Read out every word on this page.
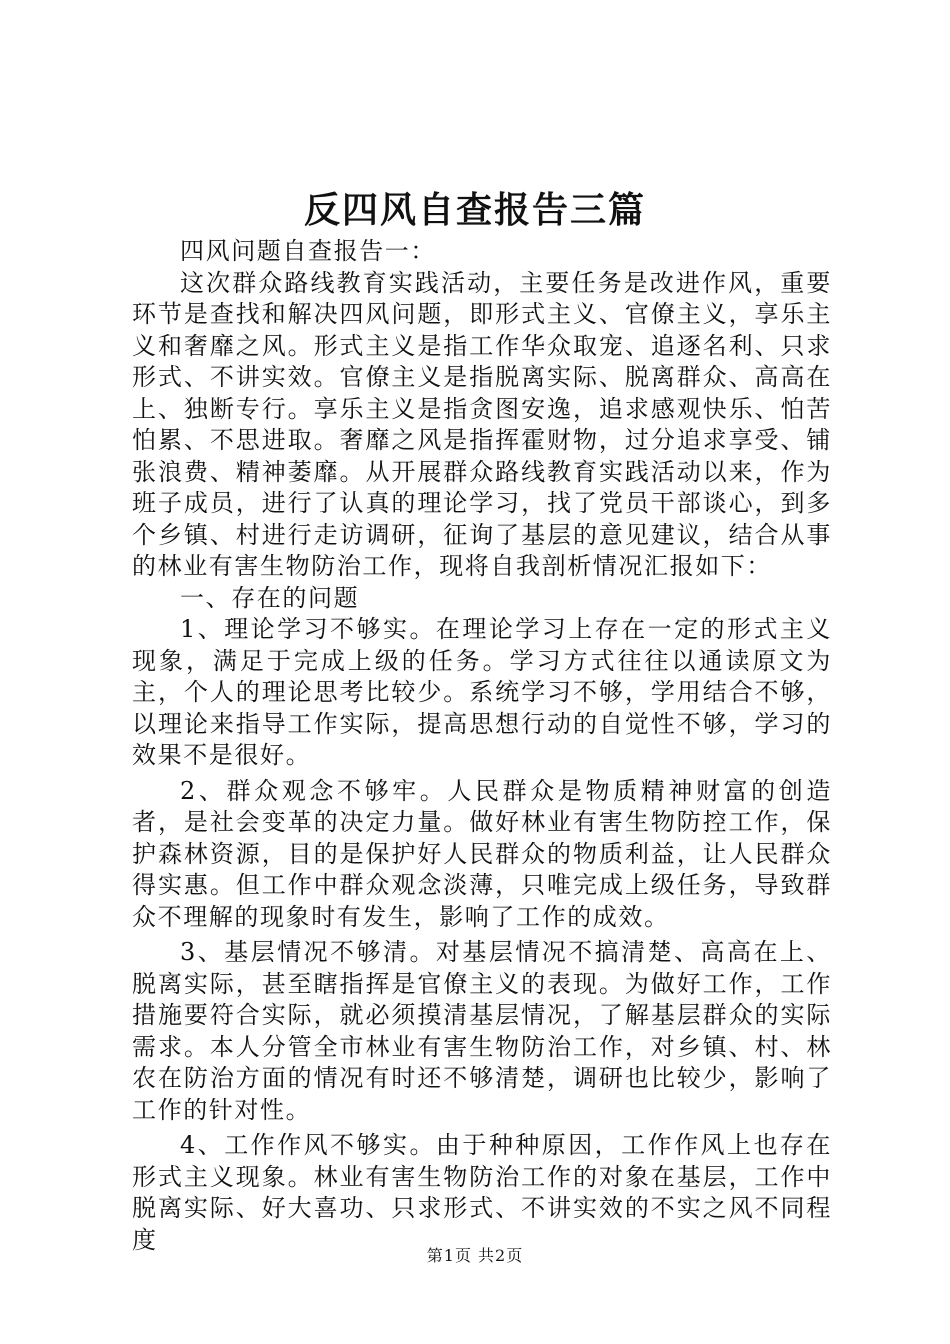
反四风自查报告三篇

四风问题自查报告一：

这次群众路线教育实践活动，主要任务是改进作风，重要环节是查找和解决四风问题，即形式主义、官僚主义，享乐主义和奢靡之风。形式主义是指工作华众取宠、追逐名利、只求形式、不讲实效。官僚主义是指脱离实际、脱离群众、高高在上、独断专行。享乐主义是指贪图安逸，追求感观快乐、怕苦怕累、不思进取。奢靡之风是指挥霍财物，过分追求享受、铺张浪费、精神萎靡。从开展群众路线教育实践活动以来，作为班子成员，进行了认真的理论学习，找了党员干部谈心，到多个乡镇、村进行走访调研，征询了基层的意见建议，结合从事的林业有害生物防治工作，现将自我剖析情况汇报如下：

一、存在的问题

1、理论学习不够实。在理论学习上存在一定的形式主义现象，满足于完成上级的任务。学习方式往往以通读原文为主，个人的理论思考比较少。系统学习不够，学用结合不够，以理论来指导工作实际，提高思想行动的自觉性不够，学习的效果不是很好。

2、群众观念不够牢。人民群众是物质精神财富的创造者，是社会变革的决定力量。做好林业有害生物防控工作，保护森林资源，目的是保护好人民群众的物质利益，让人民群众得实惠。但工作中群众观念淡薄，只唯完成上级任务，导致群众不理解的现象时有发生，影响了工作的成效。

3、基层情况不够清。对基层情况不搞清楚、高高在上、脱离实际，甚至瞎指挥是官僚主义的表现。为做好工作，工作措施要符合实际，就必须摸清基层情况，了解基层群众的实际需求。本人分管全市林业有害生物防治工作，对乡镇、村、林农在防治方面的情况有时还不够清楚，调研也比较少，影响了工作的针对性。

4、工作作风不够实。由于种种原因，工作作风上也存在形式主义现象。林业有害生物防治工作的对象在基层，工作中脱离实际、好大喜功、只求形式、不讲实效的不实之风不同程度

第1页 共2页
